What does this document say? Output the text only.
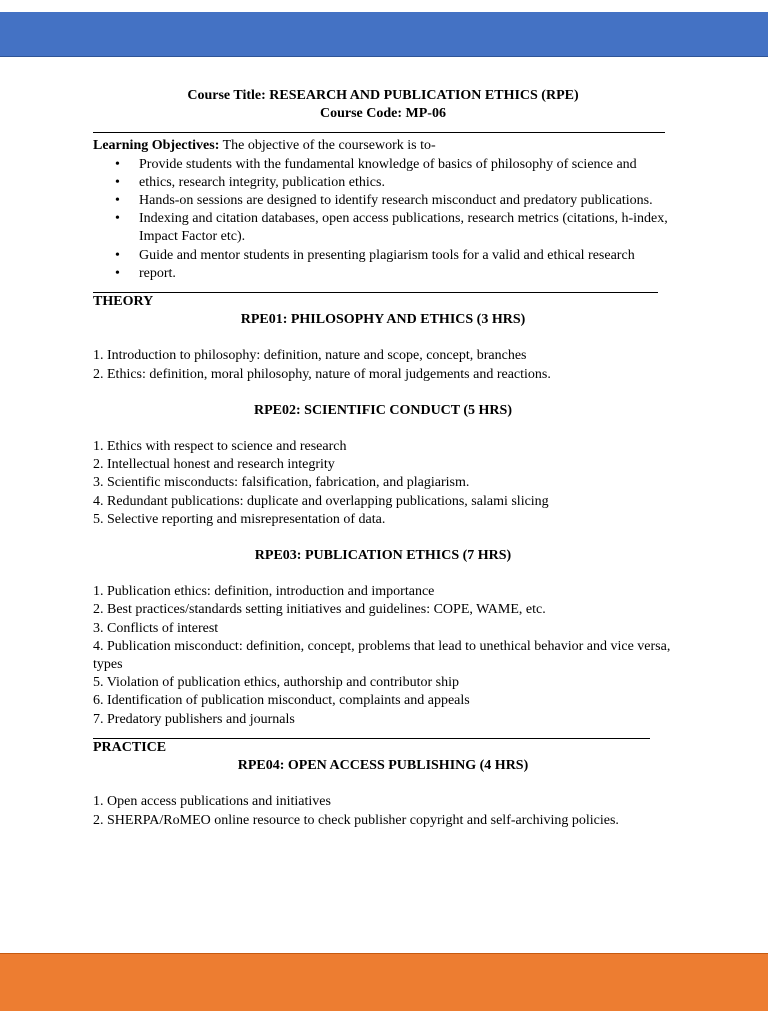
Course Title: RESEARCH AND PUBLICATION ETHICS (RPE)
Course Code: MP-06
Learning Objectives: The objective of the coursework is to-
• Provide students with the fundamental knowledge of basics of philosophy of science and
• ethics, research integrity, publication ethics.
• Hands-on sessions are designed to identify research misconduct and predatory publications.
• Indexing and citation databases, open access publications, research metrics (citations, h-index, Impact Factor etc).
• Guide and mentor students in presenting plagiarism tools for a valid and ethical research
• report.
THEORY
RPE01: PHILOSOPHY AND ETHICS (3 HRS)
1. Introduction to philosophy: definition, nature and scope, concept, branches
2. Ethics: definition, moral philosophy, nature of moral judgements and reactions.
RPE02: SCIENTIFIC CONDUCT (5 HRS)
1. Ethics with respect to science and research
2. Intellectual honest and research integrity
3. Scientific misconducts: falsification, fabrication, and plagiarism.
4. Redundant publications: duplicate and overlapping publications, salami slicing
5. Selective reporting and misrepresentation of data.
RPE03: PUBLICATION ETHICS (7 HRS)
1. Publication ethics: definition, introduction and importance
2. Best practices/standards setting initiatives and guidelines: COPE, WAME, etc.
3. Conflicts of interest
4. Publication misconduct: definition, concept, problems that lead to unethical behavior and vice versa, types
5. Violation of publication ethics, authorship and contributor ship
6. Identification of publication misconduct, complaints and appeals
7. Predatory publishers and journals
PRACTICE
RPE04: OPEN ACCESS PUBLISHING (4 HRS)
1. Open access publications and initiatives
2. SHERPA/RoMEO online resource to check publisher copyright and self-archiving policies.
